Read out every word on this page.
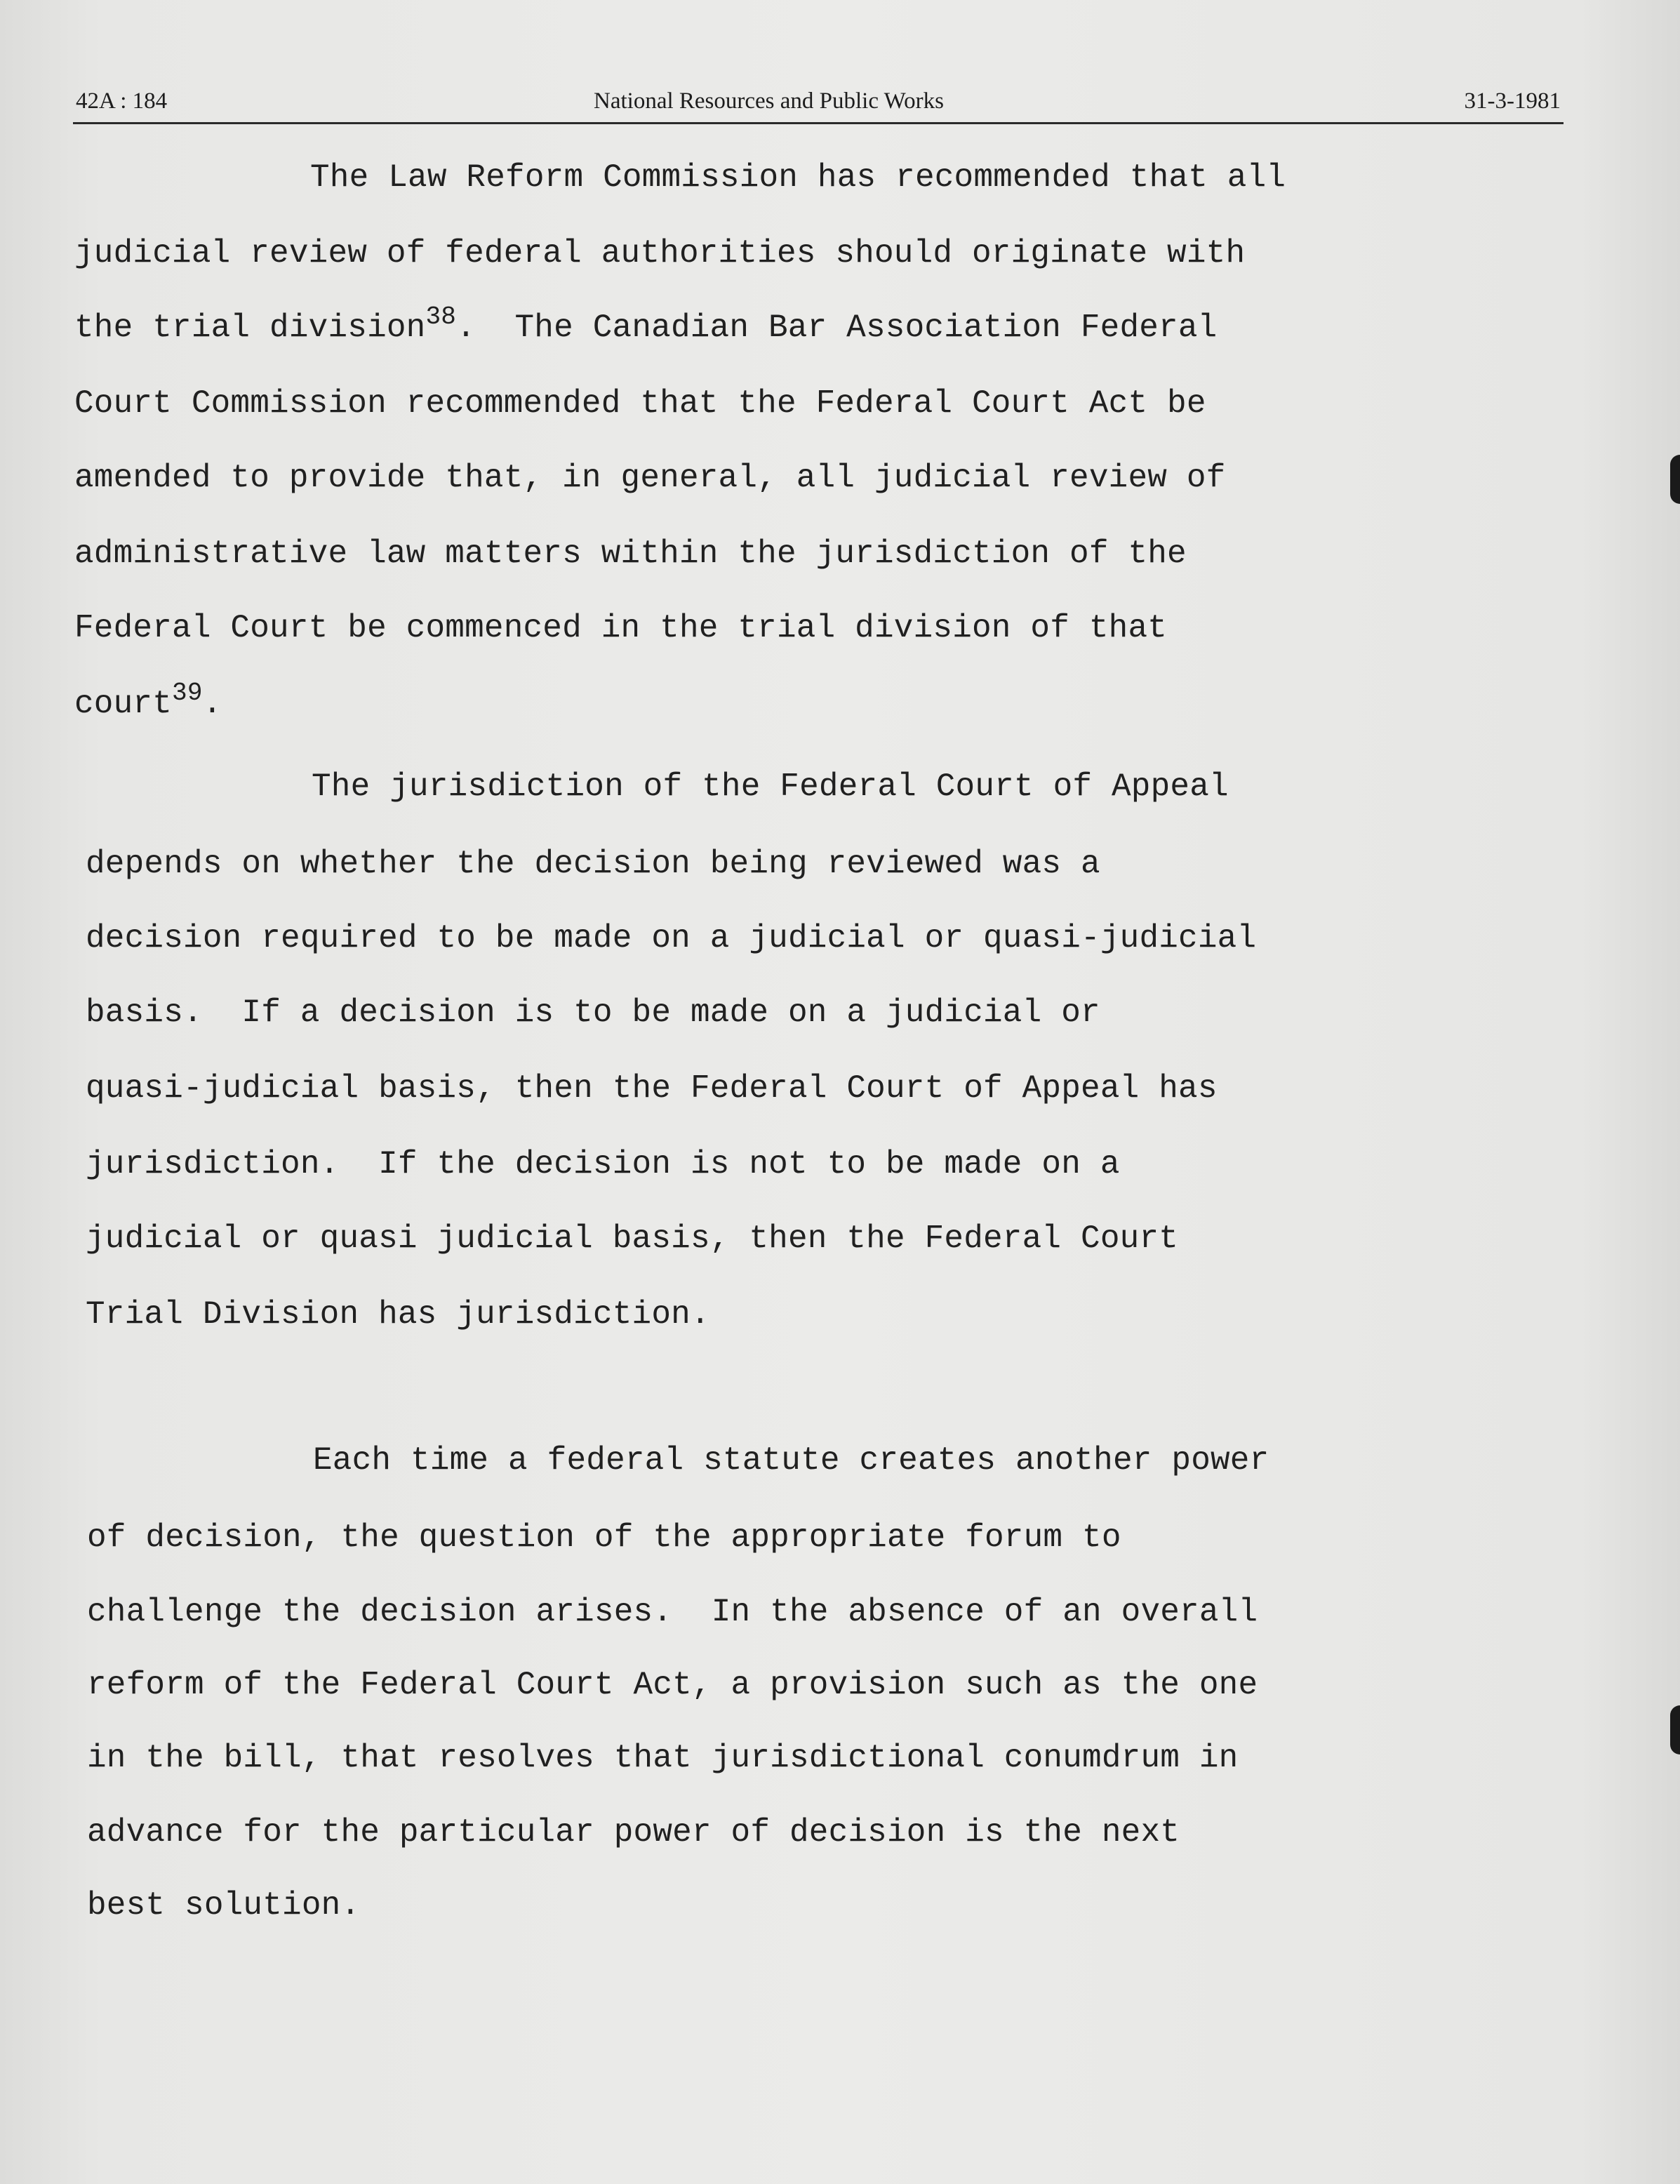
42A : 184	National Resources and Public Works	31-3-1981
The Law Reform Commission has recommended that all
judicial review of federal authorities should originate with
the trial division$^{38}$.  The Canadian Bar Association Federal
Court Commission recommended that the Federal Court Act be
amended to provide that, in general, all judicial review of
administrative law matters within the jurisdiction of the
Federal Court be commenced in the trial division of that
court$^{39}$.
The jurisdiction of the Federal Court of Appeal
depends on whether the decision being reviewed was a
decision required to be made on a judicial or quasi-judicial
basis.  If a decision is to be made on a judicial or
quasi-judicial basis, then the Federal Court of Appeal has
jurisdiction.  If the decision is not to be made on a
judicial or quasi judicial basis, then the Federal Court
Trial Division has jurisdiction.
Each time a federal statute creates another power
of decision, the question of the appropriate forum to
challenge the decision arises.  In the absence of an overall
reform of the Federal Court Act, a provision such as the one
in the bill, that resolves that jurisdictional conumdrum in
advance for the particular power of decision is the next
best solution.
